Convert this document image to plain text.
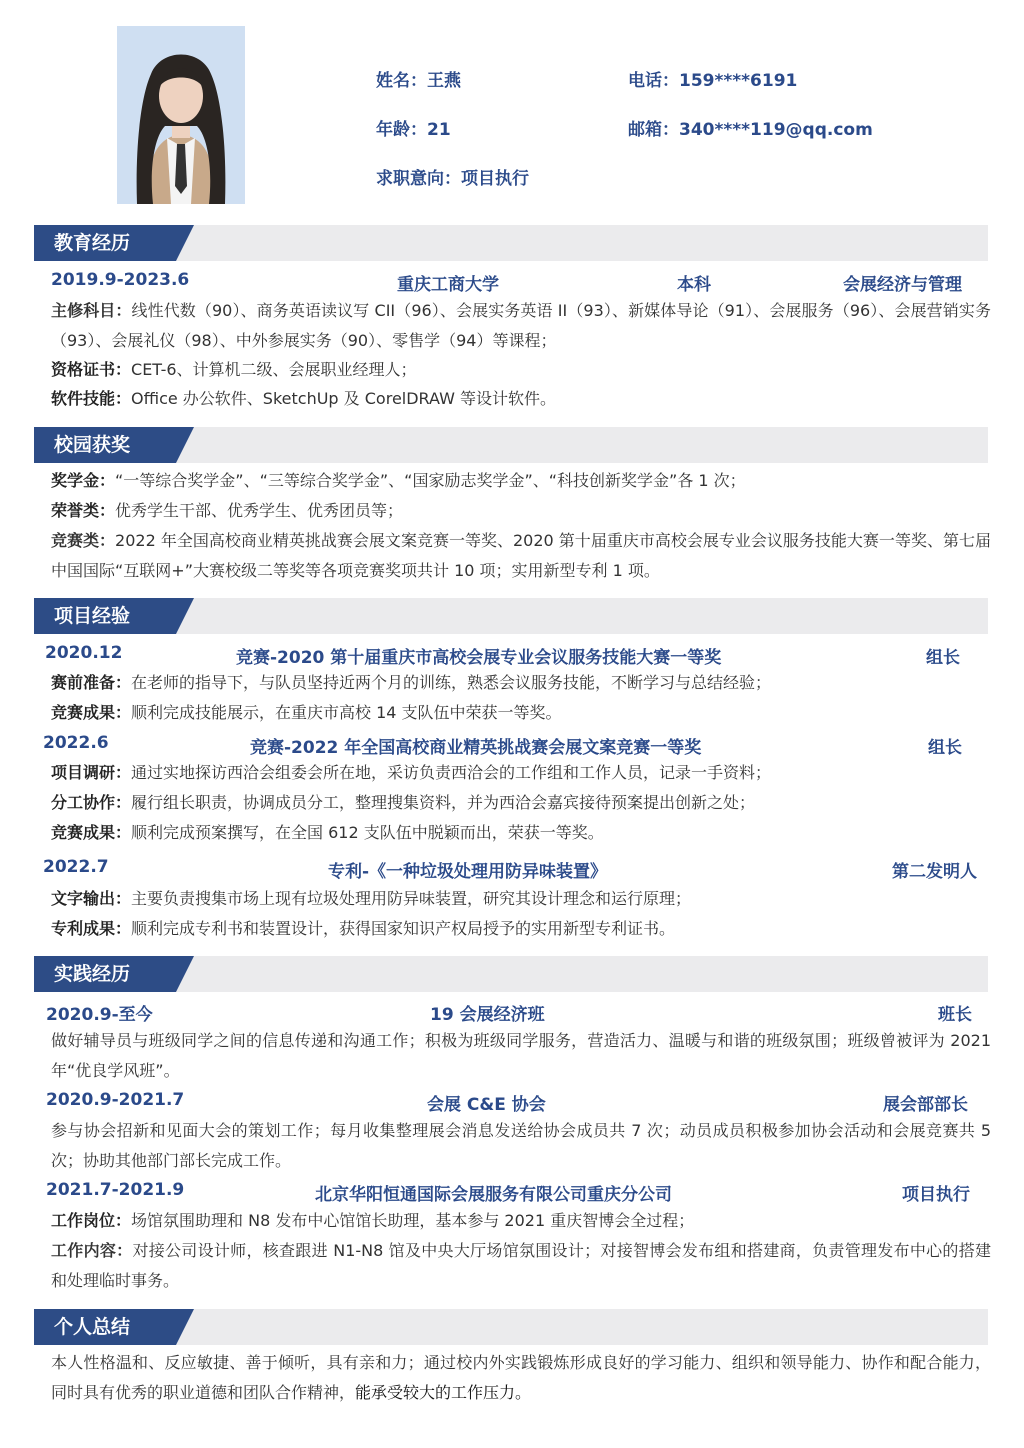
姓名：王燕
年龄：21
求职意向：项目执行
电话：159****6191
邮箱：340****119@qq.com
教育经历
2019.9-2023.6	重庆工商大学	本科	会展经济与管理
主修科目：线性代数（90）、商务英语读议写 CII（96）、会展实务英语 II（93）、新媒体导论（91）、会展服务（96）、会展营销实务（93）、会展礼仪（98）、中外参展实务（90）、零售学（94）等课程；
资格证书：CET-6、计算机二级、会展职业经理人；
软件技能：Office 办公软件、SketchUp 及 CorelDRAW 等设计软件。
校园获奖
奖学金：“一等综合奖学金”、“三等综合奖学金”、“国家励志奖学金”、“科技创新奖学金”各 1 次；
荣誉类：优秀学生干部、优秀学生、优秀团员等；
竞赛类：2022 年全国高校商业精英挑战赛会展文案竞赛一等奖、2020 第十届重庆市高校会展专业会议服务技能大赛一等奖、第七届中国国际“互联网+”大赛校级二等奖等各项竞赛奖项共计 10 项；实用新型专利 1 项。
项目经验
2020.12	竞赛-2020 第十届重庆市高校会展专业会议服务技能大赛一等奖	组长
赛前准备：在老师的指导下，与队员坚持近两个月的训练，熟悉会议服务技能，不断学习与总结经验；
竞赛成果：顺利完成技能展示，在重庆市高校 14 支队伍中荣获一等奖。
2022.6	竞赛-2022 年全国高校商业精英挑战赛会展文案竞赛一等奖	组长
项目调研：通过实地探访西洽会组委会所在地，采访负责西洽会的工作组和工作人员，记录一手资料；
分工协作：履行组长职责，协调成员分工，整理搜集资料，并为西洽会嘉宾接待预案提出创新之处；
竞赛成果：顺利完成预案撰写，在全国 612 支队伍中脱颖而出，荣获一等奖。
2022.7	专利-《一种垃圾处理用防异味装置》	第二发明人
文字输出：主要负责搜集市场上现有垃圾处理用防异味装置，研究其设计理念和运行原理；
专利成果：顺利完成专利书和装置设计，获得国家知识产权局授予的实用新型专利证书。
实践经历
2020.9-至今	19 会展经济班	班长
做好辅导员与班级同学之间的信息传递和沟通工作；积极为班级同学服务，营造活力、温暖与和谐的班级氛围；班级曾被评为 2021 年“优良学风班”。
2020.9-2021.7	会展 C&E 协会	展会部部长
参与协会招新和见面大会的策划工作；每月收集整理展会消息发送给协会成员共 7 次；动员成员积极参加协会活动和会展竞赛共 5 次；协助其他部门部长完成工作。
2021.7-2021.9	北京华阳恒通国际会展服务有限公司重庆分公司	项目执行
工作岗位：场馆氛围助理和 N8 发布中心馆馆长助理，基本参与 2021 重庆智博会全过程；
工作内容：对接公司设计师，核查跟进 N1-N8 馆及中央大厅场馆氛围设计；对接智博会发布组和搭建商，负责管理发布中心的搭建和处理临时事务。
个人总结
本人性格温和、反应敏捷、善于倾听，具有亲和力；通过校内外实践锻炼形成良好的学习能力、组织和领导能力、协作和配合能力，同时具有优秀的职业道德和团队合作精神，能承受较大的工作压力。
